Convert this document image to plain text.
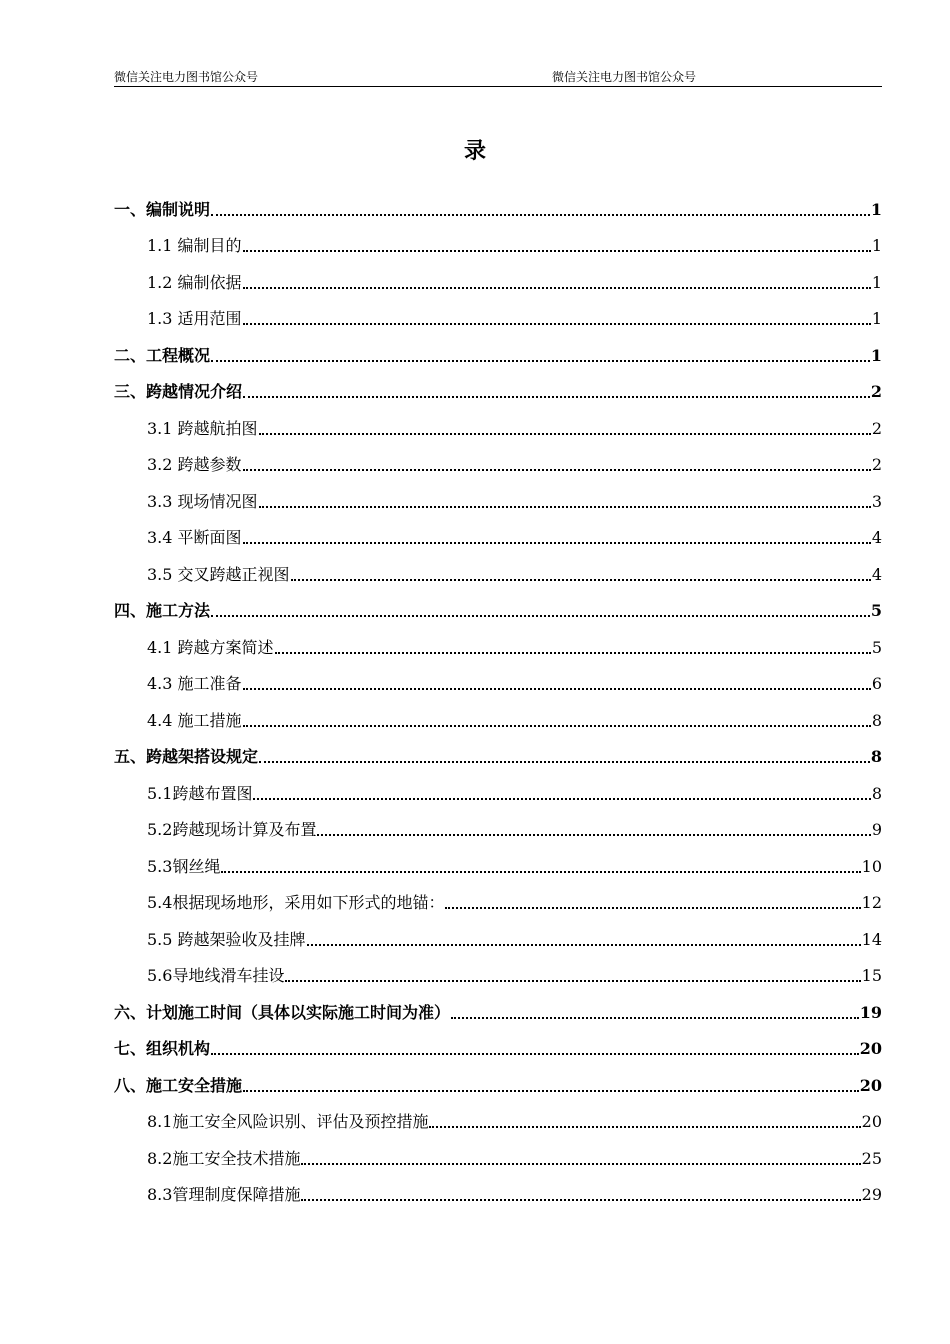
微信关注电力图书馆公众号	微信关注电力图书馆公众号
录
一、编制说明	1
1.1 编制目的	1
1.2 编制依据	1
1.3 适用范围	1
二、工程概况	1
三、跨越情况介绍	2
3.1 跨越航拍图	2
3.2 跨越参数	2
3.3 现场情况图	3
3.4 平断面图	4
3.5 交叉跨越正视图	4
四、施工方法	5
4.1 跨越方案简述	5
4.3 施工准备	6
4.4 施工措施	8
五、跨越架搭设规定	8
5.1跨越布置图	8
5.2跨越现场计算及布置	9
5.3钢丝绳	10
5.4根据现场地形，采用如下形式的地锚：	12
5.5 跨越架验收及挂牌	14
5.6导地线滑车挂设	15
六、计划施工时间（具体以实际施工时间为准）	19
七、组织机构	20
八、施工安全措施	20
8.1施工安全风险识别、评估及预控措施	20
8.2施工安全技术措施	25
8.3管理制度保障措施	29
